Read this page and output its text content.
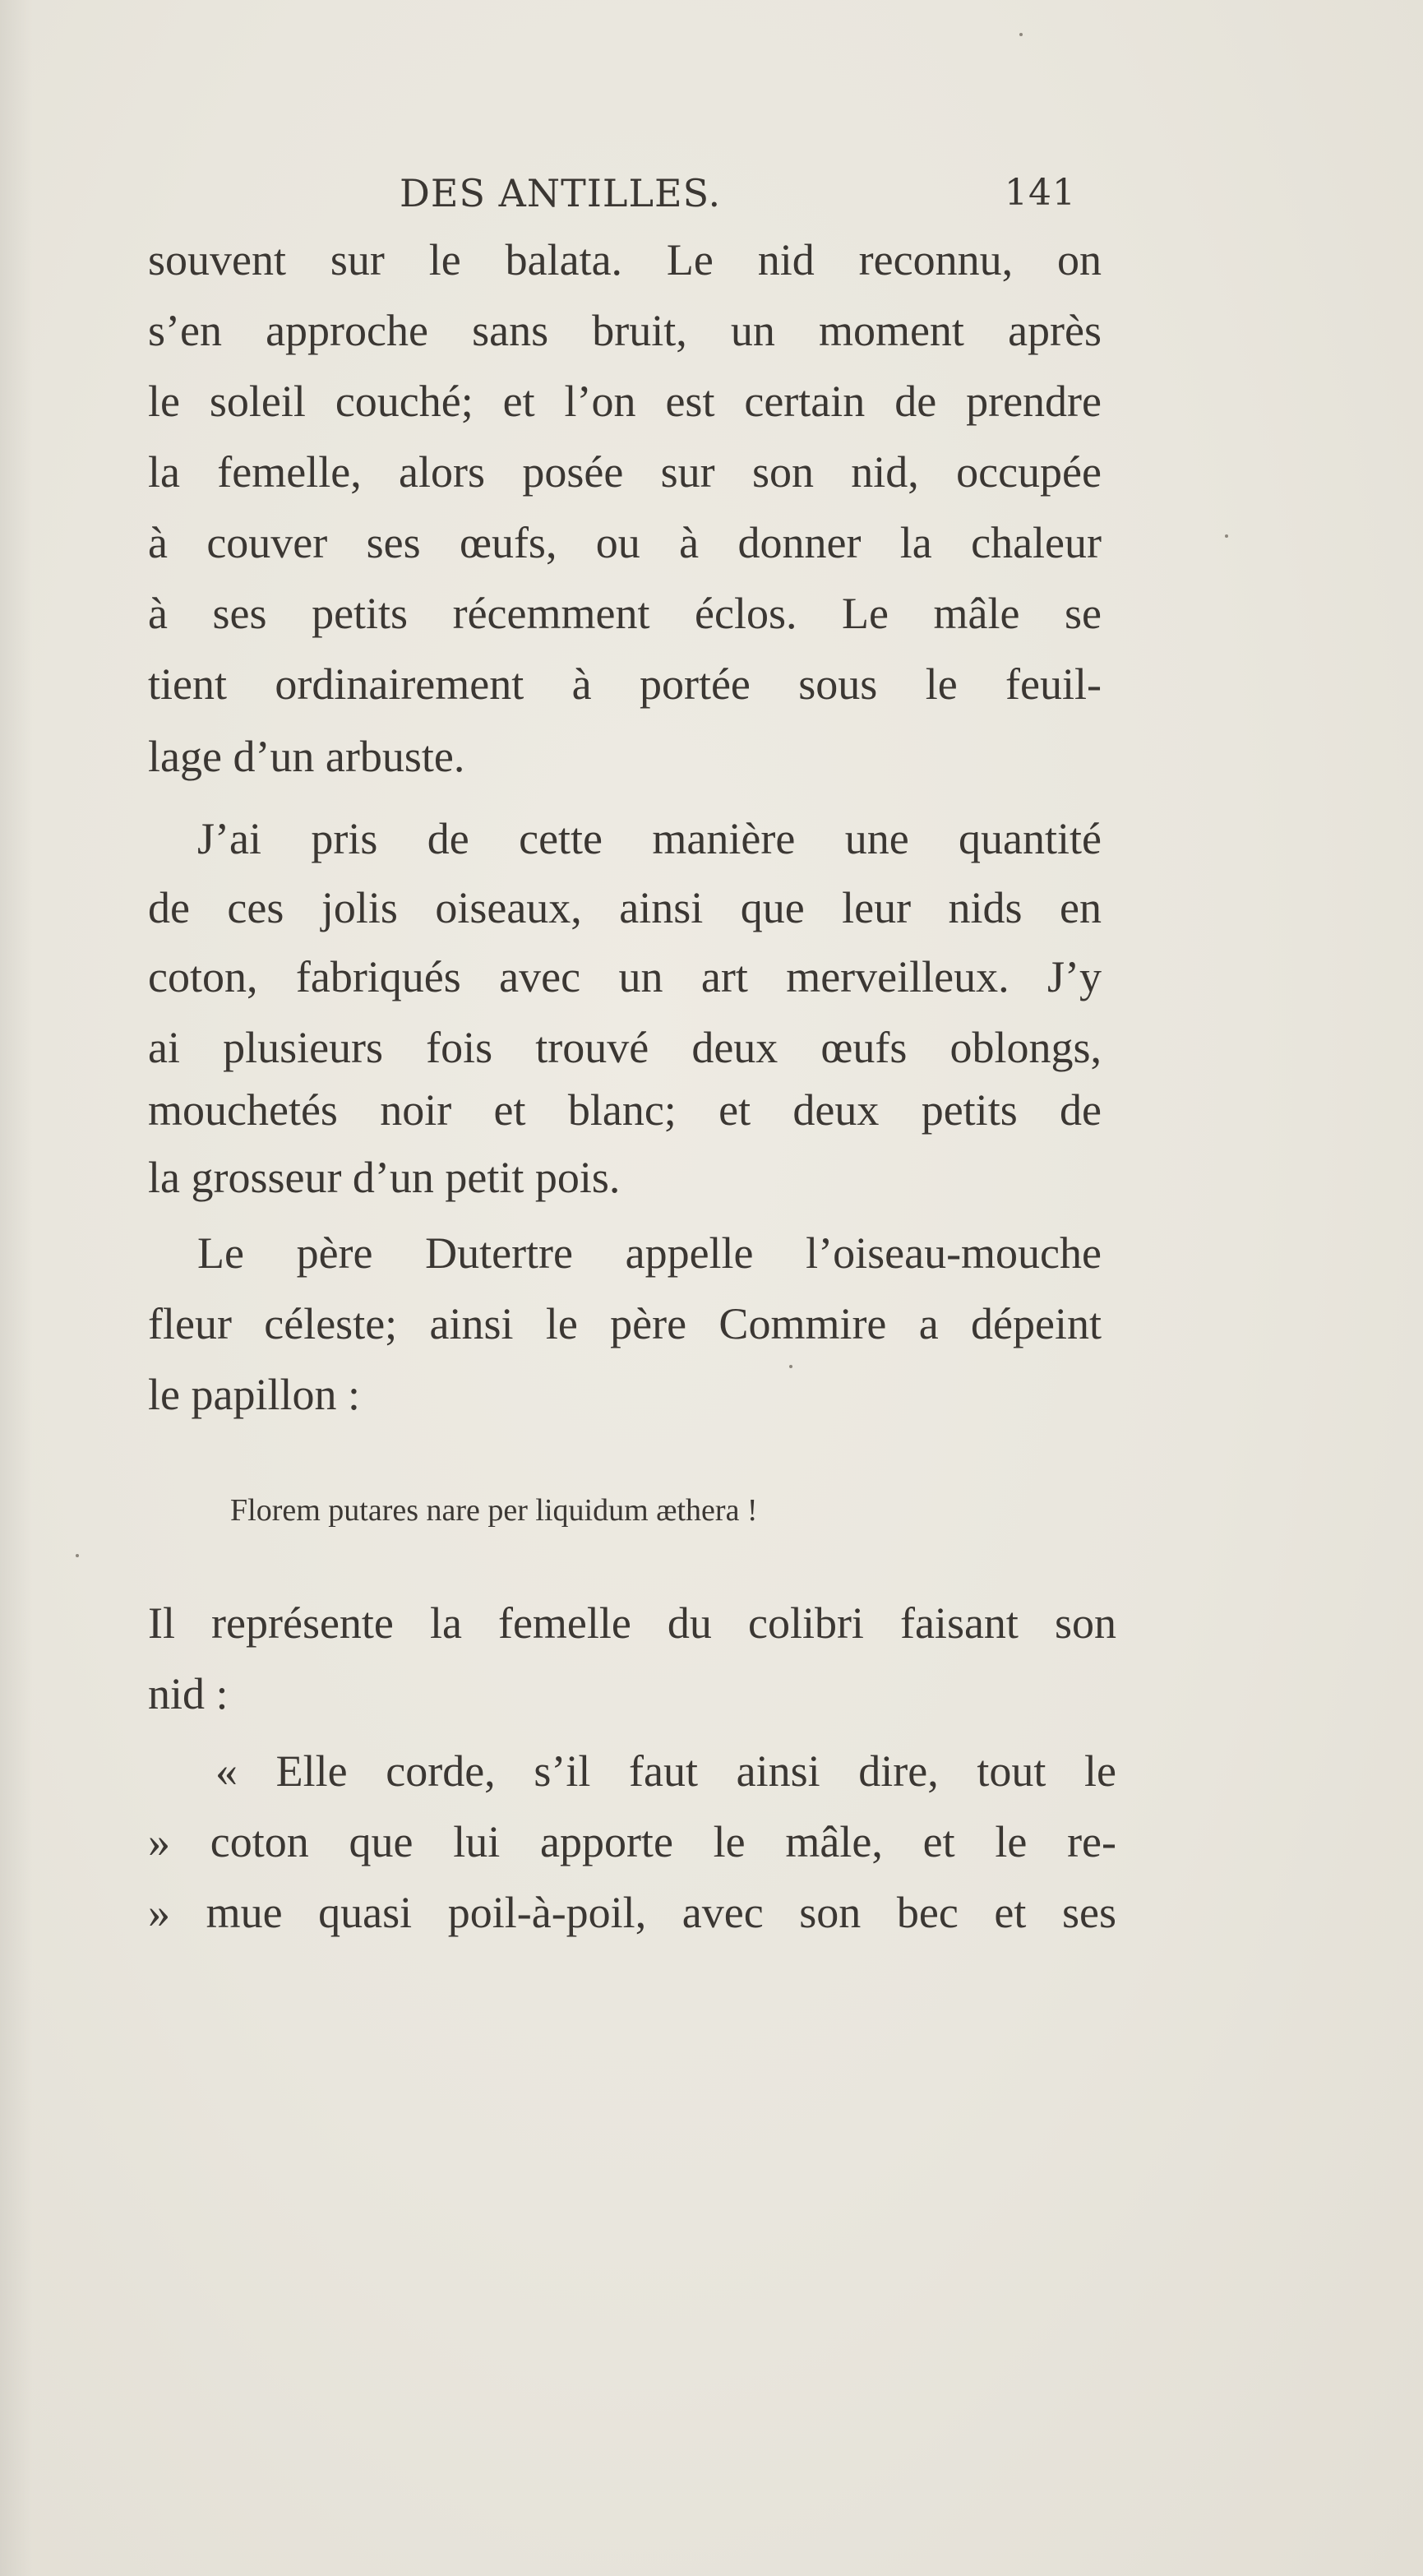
DES ANTILLES.	141
souvent sur le balata. Le nid reconnu, on
s’en approche sans bruit, un moment après
le soleil couché; et l’on est certain de prendre
la femelle, alors posée sur son nid, occupée
à couver ses œufs, ou à donner la chaleur
à ses petits récemment éclos. Le mâle se
tient ordinairement à portée sous le feuil-
lage d’un arbuste.
J’ai pris de cette manière une quantité
de ces jolis oiseaux, ainsi que leur nids en
coton, fabriqués avec un art merveilleux. J’y
ai plusieurs fois trouvé deux œufs oblongs,
mouchetés noir et blanc; et deux petits de
la grosseur d’un petit pois.
Le père Dutertre appelle l’oiseau-mouche
fleur céleste; ainsi le père Commire a dépeint
le papillon :
Florem putares nare per liquidum æthera !
Il représente la femelle du colibri faisant son
nid :
« Elle corde, s’il faut ainsi dire, tout le
» coton que lui apporte le mâle, et le re-
» mue quasi poil-à-poil, avec son bec et ses
